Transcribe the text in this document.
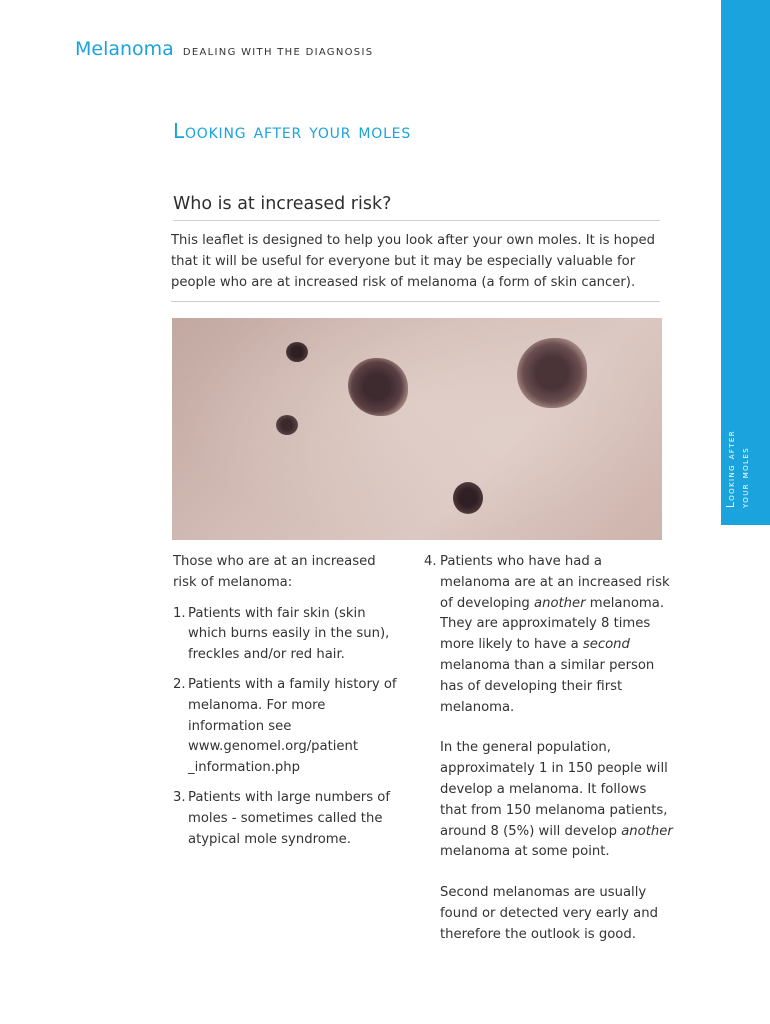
Melanoma DEALING WITH THE DIAGNOSIS
Looking after your moles
Looking after your moles
Who is at increased risk?

This leaflet is designed to help you look after your own moles. It is hoped that it will be useful for everyone but it may be especially valuable for people who are at increased risk of melanoma (a form of skin cancer).

Those who are at an increased risk of melanoma:
1. Patients with fair skin (skin which burns easily in the sun), freckles and/or red hair.
2. Patients with a family history of melanoma. For more information see www.genomel.org/patient _information.php
3. Patients with large numbers of moles - sometimes called the atypical mole syndrome.
4. Patients who have had a melanoma are at an increased risk of developing another melanoma. They are approximately 8 times more likely to have a second melanoma than a similar person has of developing their first melanoma.

In the general population, approximately 1 in 150 people will develop a melanoma. It follows that from 150 melanoma patients, around 8 (5%) will develop another melanoma at some point.

Second melanomas are usually found or detected very early and therefore the outlook is good.
